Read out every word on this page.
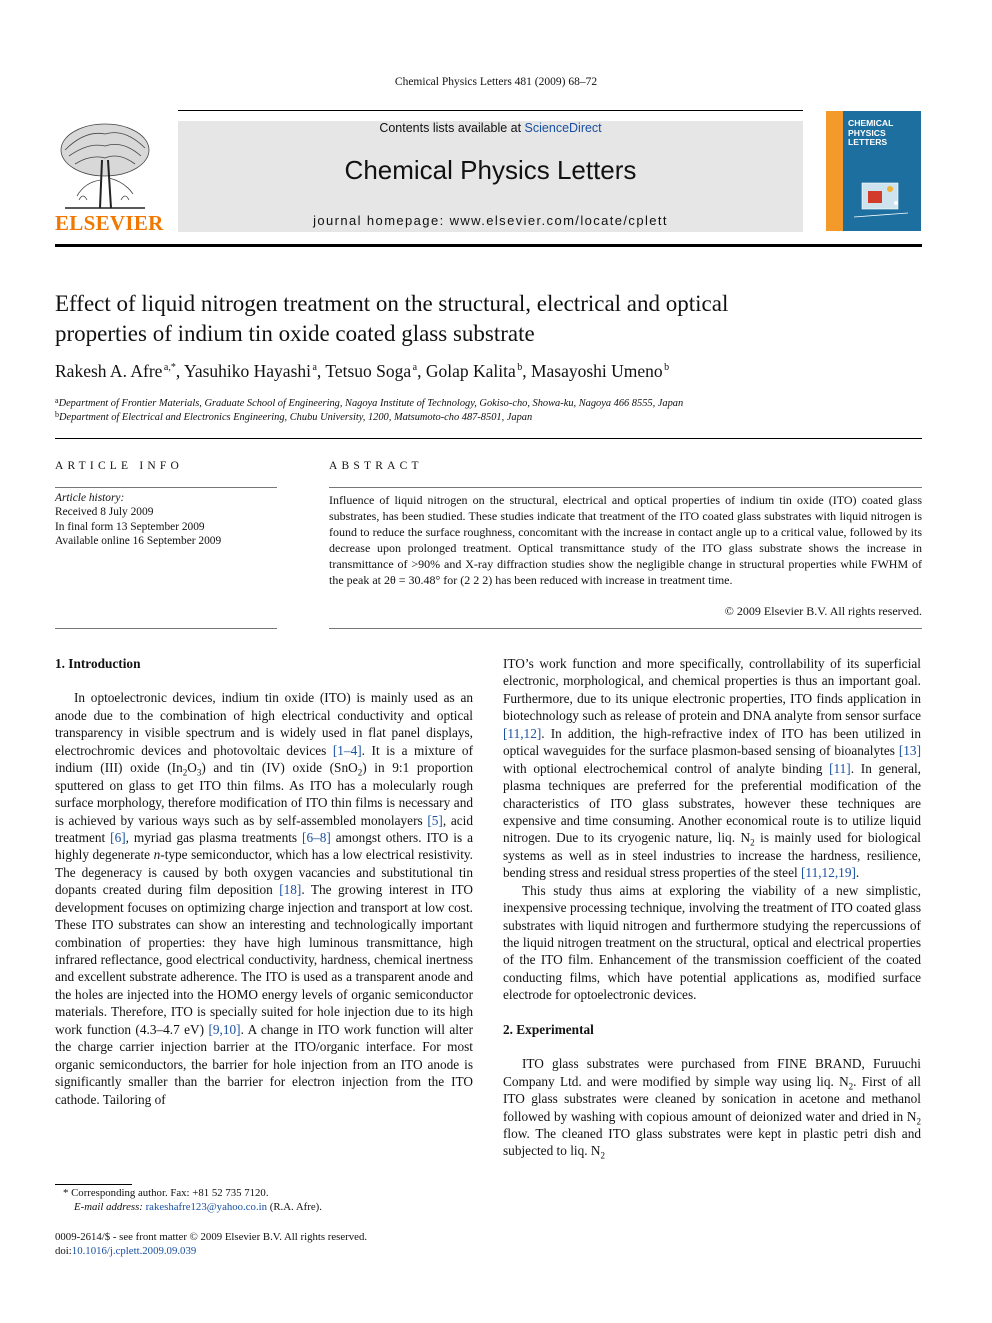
Chemical Physics Letters 481 (2009) 68–72
ELSEVIER
Contents lists available at ScienceDirect
Chemical Physics Letters
journal homepage: www.elsevier.com/locate/cplett
CHEMICAL
PHYSICS
LETTERS
Effect of liquid nitrogen treatment on the structural, electrical and optical
properties of indium tin oxide coated glass substrate
Rakesh A. Afre $^{a,*}$, Yasuhiko Hayashi $^a$, Tetsuo Soga $^a$, Golap Kalita $^b$, Masayoshi Umeno $^b$
$^a$Department of Frontier Materials, Graduate School of Engineering, Nagoya Institute of Technology, Gokiso-cho, Showa-ku, Nagoya 466 8555, Japan
$^b$Department of Electrical and Electronics Engineering, Chubu University, 1200, Matsumoto-cho 487-8501, Japan
ARTICLE INFO	ABSTRACT
Article history:
Received 8 July 2009
In final form 13 September 2009
Available online 16 September 2009
Influence of liquid nitrogen on the structural, electrical and optical properties of indium tin oxide (ITO) coated glass substrates, has been studied. These studies indicate that treatment of the ITO coated glass substrates with liquid nitrogen is found to reduce the surface roughness, concomitant with the increase in contact angle up to a critical value, followed by its decrease upon prolonged treatment. Optical transmittance study of the ITO glass substrate shows the increase in transmittance of >90% and X-ray diffraction studies show the negligible change in structural properties while FWHM of the peak at 2θ = 30.48° for (2 2 2) has been reduced with increase in treatment time.
© 2009 Elsevier B.V. All rights reserved.
1. Introduction

In optoelectronic devices, indium tin oxide (ITO) is mainly used as an anode due to the combination of high electrical conductivity and optical transparency in visible spectrum and is widely used in flat panel displays, electrochromic devices and photovoltaic devices [1–4]. It is a mixture of indium (III) oxide $(In_2O_3)$ and tin (IV) oxide (SnO$_2$) in 9:1 proportion sputtered on glass to get ITO thin films. As ITO has a molecularly rough surface morphology, therefore modification of ITO thin films is necessary and is achieved by various ways such as by self-assembled monolayers [5], acid treatment [6], myriad gas plasma treatments [6–8] amongst others. ITO is a highly degenerate n-type semiconductor, which has a low electrical resistivity. The degeneracy is caused by both oxygen vacancies and substitutional tin dopants created during film deposition [18]. The growing interest in ITO development focuses on optimizing charge injection and transport at low cost. These ITO substrates can show an interesting and technologically important combination of properties: they have high luminous transmittance, high infrared reflectance, good electrical conductivity, hardness, chemical inertness and excellent substrate adherence. The ITO is used as a transparent anode and the holes are injected into the HOMO energy levels of organic semiconductor materials. Therefore, ITO is specially suited for hole injection due to its high work function (4.3–4.7 eV) [9,10]. A change in ITO work function will alter the charge carrier injection barrier at the ITO/organic interface. For most organic semiconductors, the barrier for hole injection from an ITO anode is significantly smaller than the barrier for electron injection from the ITO cathode. Tailoring of

ITO’s work function and more specifically, controllability of its superficial electronic, morphological, and chemical properties is thus an important goal. Furthermore, due to its unique electronic properties, ITO finds application in biotechnology such as release of protein and DNA analyte from sensor surface [11,12]. In addition, the high-refractive index of ITO has been utilized in optical waveguides for the surface plasmon-based sensing of bioanalytes [13] with optional electrochemical control of analyte binding [11]. In general, plasma techniques are preferred for the preferential modification of the characteristics of ITO glass substrates, however these techniques are expensive and time consuming. Another economical route is to utilize liquid nitrogen. Due to its cryogenic nature, liq. $N_2$ is mainly used for biological systems as well as in steel industries to increase the hardness, resilience, bending stress and residual stress properties of the steel [11,12,19].

This study thus aims at exploring the viability of a new simplistic, inexpensive processing technique, involving the treatment of ITO coated glass substrates with liquid nitrogen and furthermore studying the repercussions of the liquid nitrogen treatment on the structural, optical and electrical properties of the ITO film. Enhancement of the transmission coefficient of the coated conducting films, which have potential applications as, modified surface electrode for optoelectronic devices.

2. Experimental

ITO glass substrates were purchased from FINE BRAND, Furuuchi Company Ltd. and were modified by simple way using liq. $N_2$. First of all ITO glass substrates were cleaned by sonication in acetone and methanol followed by washing with copious amount of deionized water and dried in $N_2$ flow. The cleaned ITO glass substrates were kept in plastic petri dish and subjected to liq. $N_2$

* Corresponding author. Fax: +81 52 735 7120.
E-mail address: rakeshafre123@yahoo.co.in (R.A. Afre).
0009-2614/$ - see front matter © 2009 Elsevier B.V. All rights reserved.
doi:10.1016/j.cplett.2009.09.039
